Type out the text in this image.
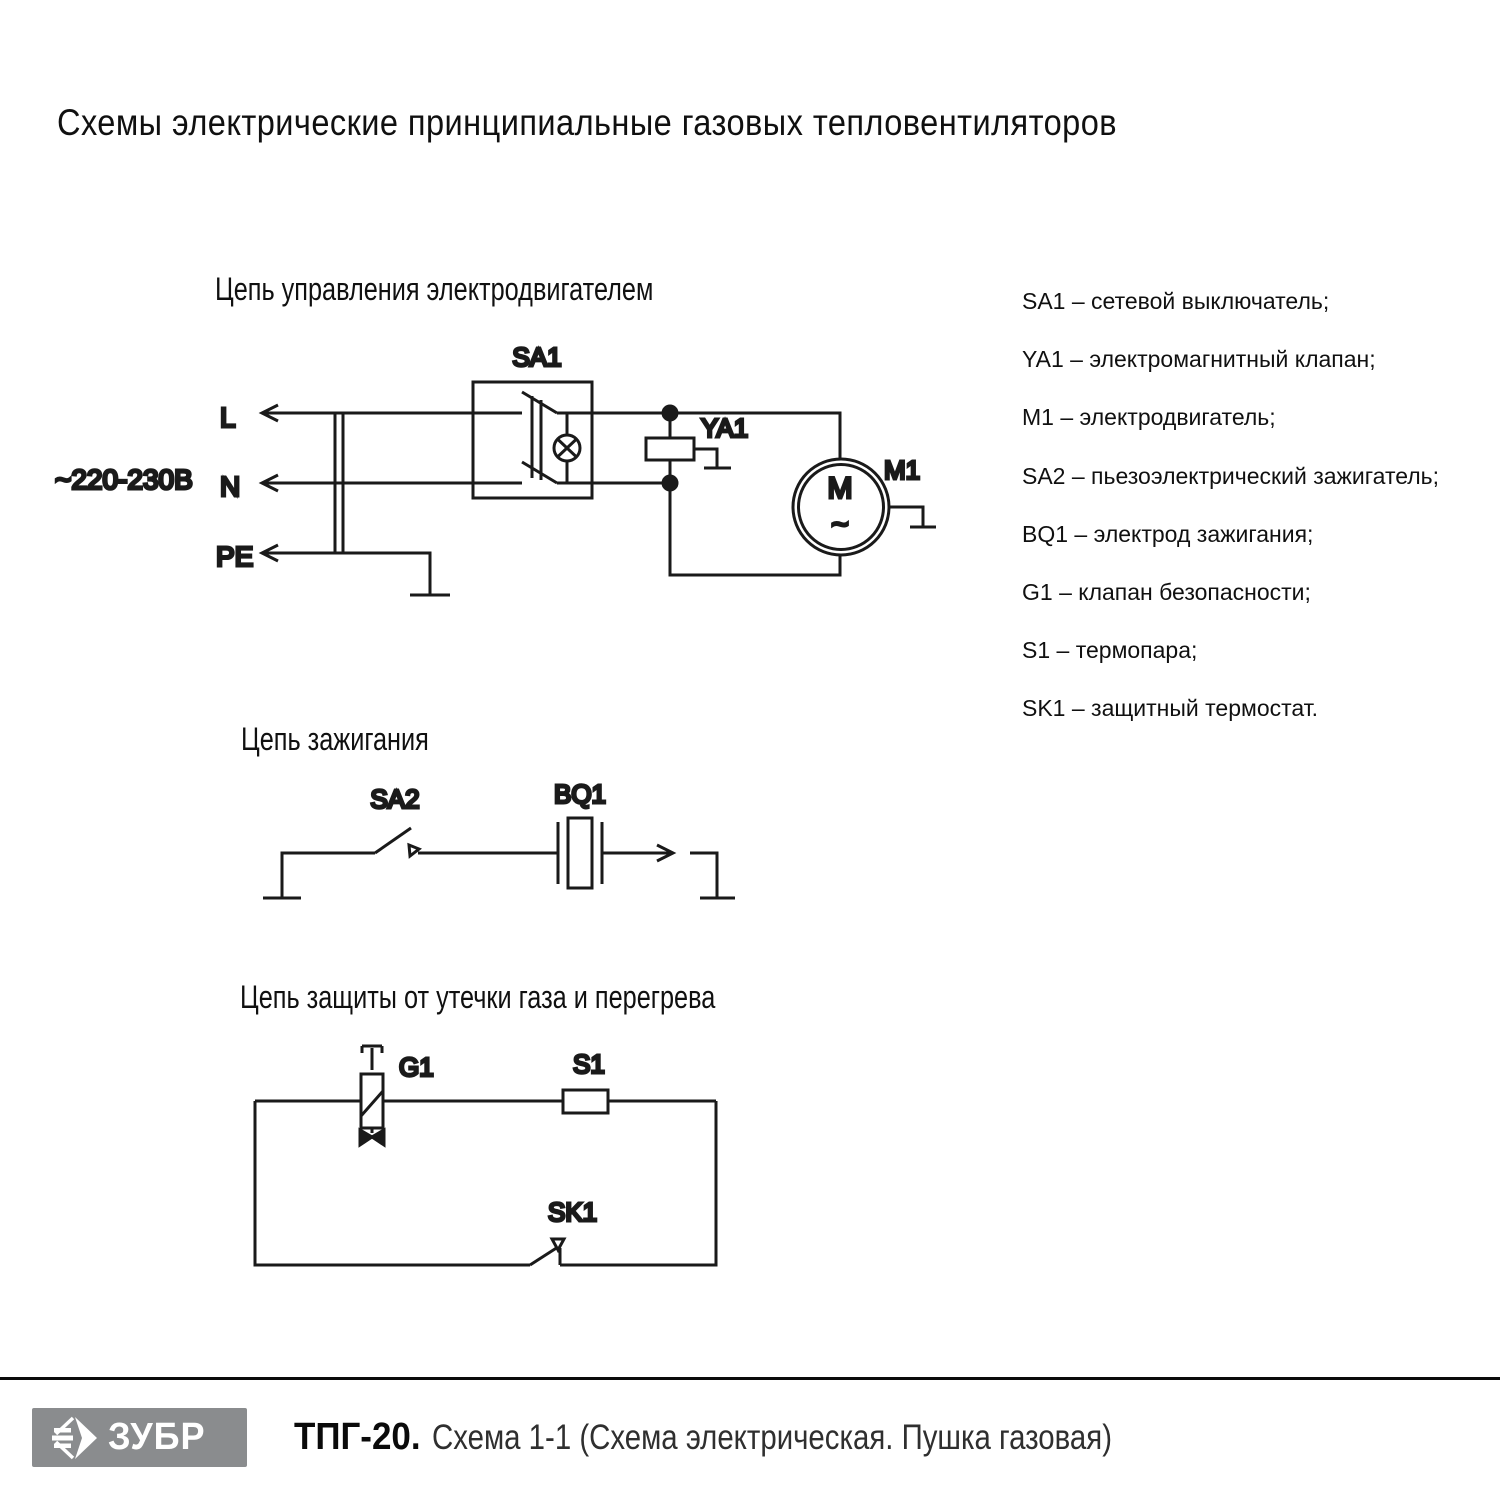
Схемы электрические принципиальные газовых тепловентиляторов
Цепь управления электродвигателем
Цепь зажигания
Цепь защиты от утечки газа и перегрева
~220-230В
L
N
PE
SA1
YA1
M1
М
~
SA2	BQ1
G1	S1
SK1
SA1 – сетевой выключатель;
YA1 – электромагнитный клапан;
M1 – электродвигатель;
SA2 – пьезоэлектрический зажигатель;
BQ1 – электрод зажигания;
G1 – клапан безопасности;
S1 – термопара;
SK1 – защитный термостат.
ЗУБР ТПГ-20. Схема 1-1 (Схема электрическая. Пушка газовая)
